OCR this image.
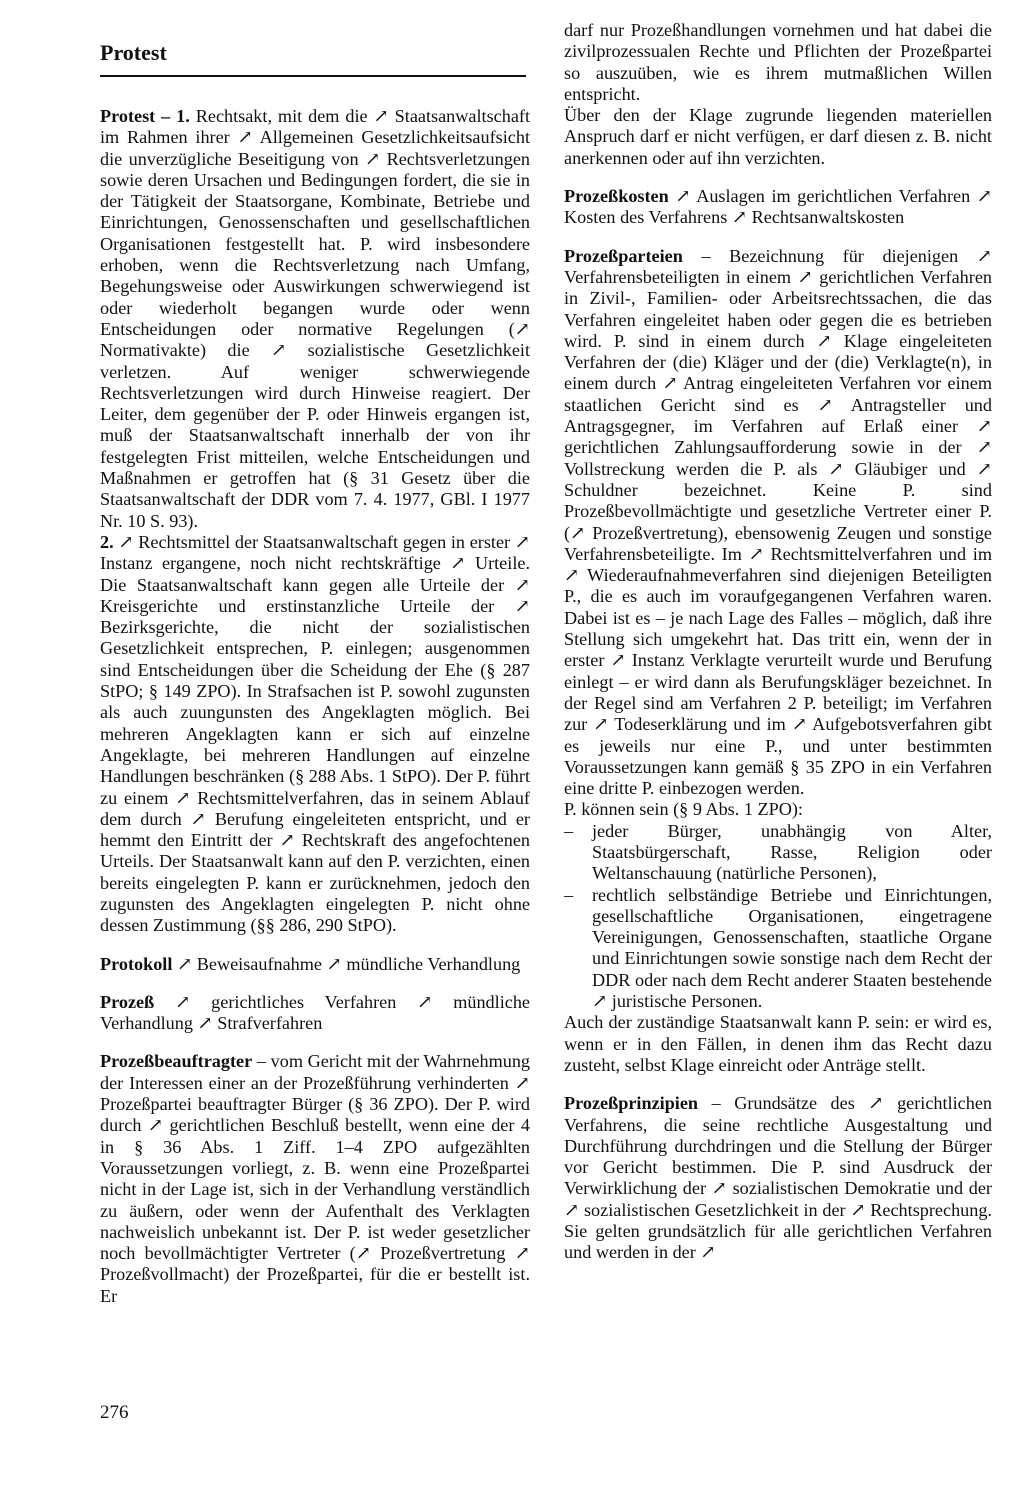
Protest

Protest – 1. Rechtsakt, mit dem die ↗ Staatsanwaltschaft im Rahmen ihrer ↗ Allgemeinen Gesetzlichkeitsaufsicht die unverzügliche Beseitigung von ↗ Rechtsverletzungen sowie deren Ursachen und Bedingungen fordert, die sie in der Tätigkeit der Staatsorgane, Kombinate, Betriebe und Einrichtungen, Genossenschaften und gesellschaftlichen Organisationen festgestellt hat. P. wird insbesondere erhoben, wenn die Rechtsverletzung nach Umfang, Begehungsweise oder Auswirkungen schwerwiegend ist oder wiederholt begangen wurde oder wenn Entscheidungen oder normative Regelungen (↗ Normativakte) die ↗ sozialistische Gesetzlichkeit verletzen. Auf weniger schwerwiegende Rechtsverletzungen wird durch Hinweise reagiert. Der Leiter, dem gegenüber der P. oder Hinweis ergangen ist, muß der Staatsanwaltschaft innerhalb der von ihr festgelegten Frist mitteilen, welche Entscheidungen und Maßnahmen er getroffen hat (§ 31 Gesetz über die Staatsanwaltschaft der DDR vom 7. 4. 1977, GBl. I 1977 Nr. 10 S. 93).

2. ↗ Rechtsmittel der Staatsanwaltschaft gegen in erster ↗ Instanz ergangene, noch nicht rechtskräftige ↗ Urteile. Die Staatsanwaltschaft kann gegen alle Urteile der ↗ Kreisgerichte und erstinstanzliche Urteile der ↗ Bezirksgerichte, die nicht der sozialistischen Gesetzlichkeit entsprechen, P. einlegen; ausgenommen sind Entscheidungen über die Scheidung der Ehe (§ 287 StPO; § 149 ZPO). In Strafsachen ist P. sowohl zugunsten als auch zuungunsten des Angeklagten möglich. Bei mehreren Angeklagten kann er sich auf einzelne Angeklagte, bei mehreren Handlungen auf einzelne Handlungen beschränken (§ 288 Abs. 1 StPO). Der P. führt zu einem ↗ Rechtsmittelverfahren, das in seinem Ablauf dem durch ↗ Berufung eingeleiteten entspricht, und er hemmt den Eintritt der ↗ Rechtskraft des angefochtenen Urteils. Der Staatsanwalt kann auf den P. verzichten, einen bereits eingelegten P. kann er zurücknehmen, jedoch den zugunsten des Angeklagten eingelegten P. nicht ohne dessen Zustimmung (§§ 286, 290 StPO).

Protokoll ↗ Beweisaufnahme ↗ mündliche Verhandlung

Prozeß ↗ gerichtliches Verfahren ↗ mündliche Verhandlung ↗ Strafverfahren

Prozeßbeauftragter – vom Gericht mit der Wahrnehmung der Interessen einer an der Prozeßführung verhinderten ↗ Prozeßpartei beauftragter Bürger (§ 36 ZPO). Der P. wird durch ↗ gerichtlichen Beschluß bestellt, wenn eine der 4 in § 36 Abs. 1 Ziff. 1–4 ZPO aufgezählten Voraussetzungen vorliegt, z. B. wenn eine Prozeßpartei nicht in der Lage ist, sich in der Verhandlung verständlich zu äußern, oder wenn der Aufenthalt des Verklagten nachweislich unbekannt ist. Der P. ist weder gesetzlicher noch bevollmächtigter Vertreter (↗ Prozeßvertretung ↗ Prozeßvollmacht) der Prozeßpartei, für die er bestellt ist. Er

darf nur Prozeßhandlungen vornehmen und hat dabei die zivilprozessualen Rechte und Pflichten der Prozeßpartei so auszuüben, wie es ihrem mutmaßlichen Willen entspricht.

Über den der Klage zugrunde liegenden materiellen Anspruch darf er nicht verfügen, er darf diesen z. B. nicht anerkennen oder auf ihn verzichten.

Prozeßkosten ↗ Auslagen im gerichtlichen Verfahren ↗ Kosten des Verfahrens ↗ Rechtsanwaltskosten

Prozeßparteien – Bezeichnung für diejenigen ↗ Verfahrensbeteiligten in einem ↗ gerichtlichen Verfahren in Zivil-, Familien- oder Arbeitsrechtssachen, die das Verfahren eingeleitet haben oder gegen die es betrieben wird. P. sind in einem durch ↗ Klage eingeleiteten Verfahren der (die) Kläger und der (die) Verklagte(n), in einem durch ↗ Antrag eingeleiteten Verfahren vor einem staatlichen Gericht sind es ↗ Antragsteller und Antragsgegner, im Verfahren auf Erlaß einer ↗ gerichtlichen Zahlungsaufforderung sowie in der ↗ Vollstreckung werden die P. als ↗ Gläubiger und ↗ Schuldner bezeichnet. Keine P. sind Prozeßbevollmächtigte und gesetzliche Vertreter einer P. (↗ Prozeßvertretung), ebensowenig Zeugen und sonstige Verfahrensbeteiligte. Im ↗ Rechtsmittelverfahren und im ↗ Wiederaufnahmeverfahren sind diejenigen Beteiligten P., die es auch im voraufgegangenen Verfahren waren. Dabei ist es – je nach Lage des Falles – möglich, daß ihre Stellung sich umgekehrt hat. Das tritt ein, wenn der in erster ↗ Instanz Verklagte verurteilt wurde und Berufung einlegt – er wird dann als Berufungskläger bezeichnet. In der Regel sind am Verfahren 2 P. beteiligt; im Verfahren zur ↗ Todeserklärung und im ↗ Aufgebotsverfahren gibt es jeweils nur eine P., und unter bestimmten Voraussetzungen kann gemäß § 35 ZPO in ein Verfahren eine dritte P. einbezogen werden.

P. können sein (§ 9 Abs. 1 ZPO):

– jeder Bürger, unabhängig von Alter, Staatsbürgerschaft, Rasse, Religion oder Weltanschauung (natürliche Personen),
– rechtlich selbständige Betriebe und Einrichtungen, gesellschaftliche Organisationen, eingetragene Vereinigungen, Genossenschaften, staatliche Organe und Einrichtungen sowie sonstige nach dem Recht der DDR oder nach dem Recht anderer Staaten bestehende ↗ juristische Personen.

Auch der zuständige Staatsanwalt kann P. sein: er wird es, wenn er in den Fällen, in denen ihm das Recht dazu zusteht, selbst Klage einreicht oder Anträge stellt.

Prozeßprinzipien – Grundsätze des ↗ gerichtlichen Verfahrens, die seine rechtliche Ausgestaltung und Durchführung durchdringen und die Stellung der Bürger vor Gericht bestimmen. Die P. sind Ausdruck der Verwirklichung der ↗ sozialistischen Demokratie und der ↗ sozialistischen Gesetzlichkeit in der ↗ Rechtsprechung. Sie gelten grundsätzlich für alle gerichtlichen Verfahren und werden in der ↗

276
